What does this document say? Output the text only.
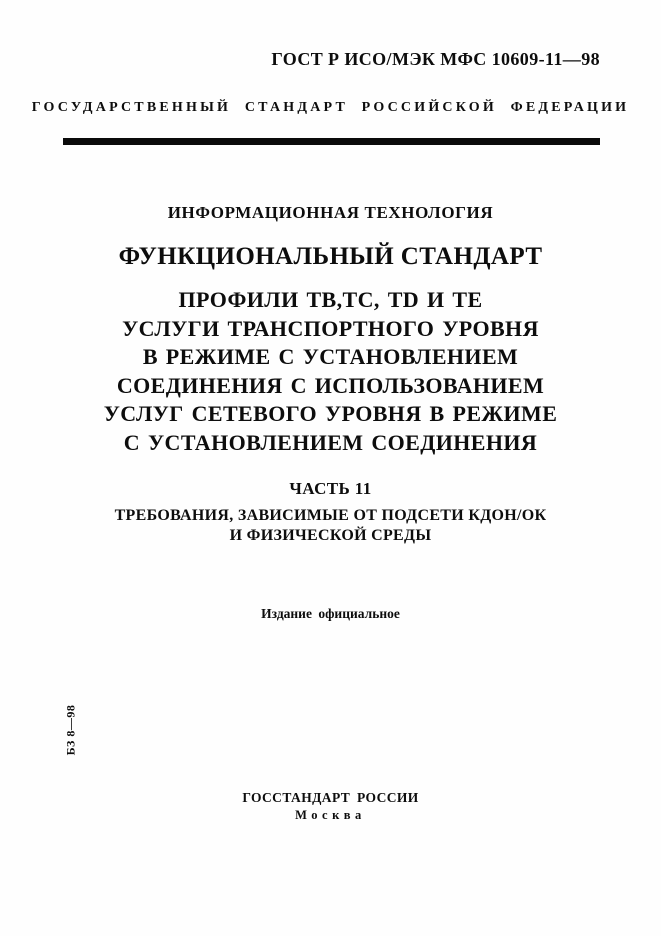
ГОСТ Р ИСО/МЭК МФС 10609-11—98
ГОСУДАРСТВЕННЫЙ СТАНДАРТ РОССИЙСКОЙ ФЕДЕРАЦИИ
ИНФОРМАЦИОННАЯ ТЕХНОЛОГИЯ
ФУНКЦИОНАЛЬНЫЙ СТАНДАРТ
ПРОФИЛИ ТВ,ТС, TD И ТЕ
УСЛУГИ ТРАНСПОРТНОГО УРОВНЯ
В РЕЖИМЕ С УСТАНОВЛЕНИЕМ
СОЕДИНЕНИЯ С ИСПОЛЬЗОВАНИЕМ
УСЛУГ СЕТЕВОГО УРОВНЯ В РЕЖИМЕ
С УСТАНОВЛЕНИЕМ СОЕДИНЕНИЯ
ЧАСТЬ 11
ТРЕБОВАНИЯ, ЗАВИСИМЫЕ ОТ ПОДСЕТИ КДОН/ОК
И ФИЗИЧЕСКОЙ СРЕДЫ
Издание официальное
БЗ 8—98
ГОССТАНДАРТ РОССИИ
Москва
